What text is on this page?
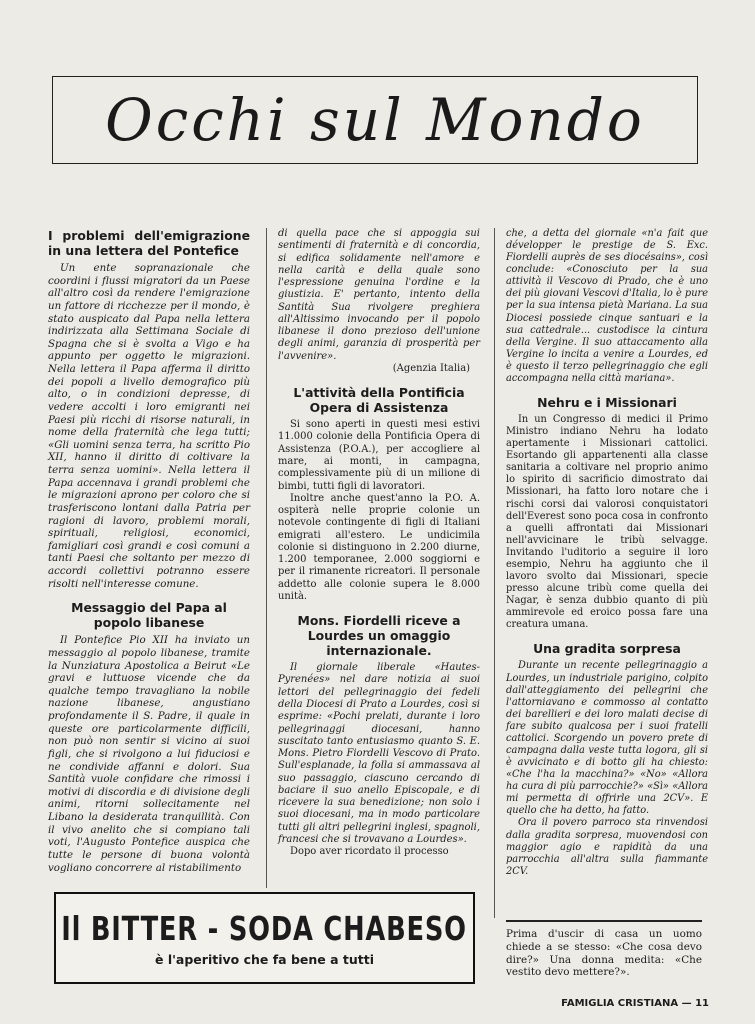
Occhi sul Mondo
I problemi dell'emigrazione in una lettera del Pontefice

Un ente sopranazionale che coordini i flussi migratori da un Paese all'altro così da rendere l'emigrazione un fattore di ricchezze per il mondo, è stato auspicato dal Papa nella lettera indirizzata alla Settimana Sociale di Spagna che si è svolta a Vigo e ha appunto per oggetto le migrazioni. Nella lettera il Papa afferma il diritto dei popoli a livello demografico più alto, o in condizioni depresse, di vedere accolti i loro emigranti nei Paesi più ricchi di risorse naturali, in nome della fraternità che lega tutti; «Gli uomini senza terra, ha scritto Pio XII, hanno il diritto di coltivare la terra senza uomini». Nella lettera il Papa accennava i grandi problemi che le migrazioni aprono per coloro che si trasferiscono lontani dalla Patria per ragioni di lavoro, problemi morali, spirituali, religiosi, economici, famigliari così grandi e così comuni a tanti Paesi che soltanto per mezzo di accordi collettivi potranno essere risolti nell'interesse comune.

Messaggio del Papa al popolo libanese

Il Pontefice Pio XII ha inviato un messaggio al popolo libanese, tramite la Nunziatura Apostolica a Beirut «Le gravi e luttuose vicende che da qualche tempo travagliano la nobile nazione libanese, angustiano profondamente il S. Padre, il quale in queste ore particolarmente difficili, non può non sentir si vicino ai suoi figli, che si rivolgono a lui fiduciosi e ne condivide affanni e dolori. Sua Santità vuole confidare che rimossi i motivi di discordia e di divisione degli animi, ritorni sollecitamente nel Libano la desiderata tranquillità. Con il vivo anelito che si compiano tali voti, l'Augusto Pontefice auspica che tutte le persone di buona volontà vogliano concorrere al ristabilimento

di quella pace che si appoggia sui sentimenti di fraternità e di concordia, si edifica solidamente nell'amore e nella carità e della quale sono l'espressione genuina l'ordine e la giustizia. E' pertanto, intento della Santità Sua rivolgere preghiera all'Altissimo invocando per il popolo libanese il dono prezioso dell'unione degli animi, garanzia di prosperità per l'avvenire».

(Agenzia Italia)

L'attività della Pontificia Opera di Assistenza

Si sono aperti in questi mesi estivi 11.000 colonie della Pontificia Opera di Assistenza (P.O.A.), per accogliere al mare, ai monti, in campagna, complessivamente più di un milione di bimbi, tutti figli di lavoratori.

Inoltre anche quest'anno la P.O. A. ospiterà nelle proprie colonie un notevole contingente di figli di Italiani emigrati all'estero. Le undicimila colonie si distinguono in 2.200 diurne, 1.200 temporanee, 2.000 soggiorni e per il rimanente ricreatori. Il personale addetto alle colonie supera le 8.000 unità.

Mons. Fiordelli riceve a Lourdes un omaggio internazionale.

Il giornale liberale «Hautes-Pyrenées» nel dare notizia ai suoi lettori del pellegrinaggio dei fedeli della Diocesi di Prato a Lourdes, così si esprime: «Pochi prelati, durante i loro pellegrinaggi diocesani, hanno suscitato tanto entusiasmo quanto S. E. Mons. Pietro Fiordelli Vescovo di Prato. Sull'esplanade, la folla si ammassava al suo passaggio, ciascuno cercando di baciare il suo anello Episcopale, e di ricevere la sua benedizione; non solo i suoi diocesani, ma in modo particolare tutti gli altri pellegrini inglesi, spagnoli, francesi che si trovavano a Lourdes».

Dopo aver ricordato il processo

che, a detta del giornale «n'a fait que développer le prestige de S. Exc. Fiordelli auprès de ses diocésains», così conclude: «Conosciuto per la sua attività il Vescovo di Prado, che è uno dei più giovani Vescovi d'Italia, lo è pure per la sua intensa pietà Mariana. La sua Diocesi possiede cinque santuari e la sua cattedrale... custodisce la cintura della Vergine. Il suo attaccamento alla Vergine lo incita a venire a Lourdes, ed è questo il terzo pellegrinaggio che egli accompagna nella città mariana».

Nehru e i Missionari

In un Congresso di medici il Primo Ministro indiano Nehru ha lodato apertamente i Missionari cattolici. Esortando gli appartenenti alla classe sanitaria a coltivare nel proprio animo lo spirito di sacrificio dimostrato dai Missionari, ha fatto loro notare che i rischi corsi dai valorosi conquistatori dell'Everest sono poca cosa in confronto a quelli affrontati dai Missionari nell'avvicinare le tribù selvagge. Invitando l'uditorio a seguire il loro esempio, Nehru ha aggiunto che il lavoro svolto dai Missionari, specie presso alcune tribù come quella dei Nagar, è senza dubbio quanto di più ammirevole ed eroico possa fare una creatura umana.

Una gradita sorpresa

Durante un recente pellegrinaggio a Lourdes, un industriale parigino, colpito dall'atteggiamento dei pellegrini che l'attorniavano e commosso al contatto dei barellieri e dei loro malati decise di fare subito qualcosa per i suoi fratelli cattolici. Scorgendo un povero prete di campagna dalla veste tutta logora, gli si è avvicinato e di botto gli ha chiesto: «Che l'ha la macchina?» «No» «Allora ha cura di più parrocchie?» «Sì» «Allora mi permetta di offrirle una 2CV». E quello che ha detto, ha fatto.

Ora il povero parroco sta rinvendosi dalla gradita sorpresa, muovendosi con maggior agio e rapidità da una parrocchia all'altra sulla fiammante 2CV.

Prima d'uscir di casa un uomo chiede a se stesso: «Che cosa devo dire?» Una donna medita: «Che vestito devo mettere?».
Il BITTER - SODA CHABESO
è l'aperitivo che fa bene a tutti
FAMIGLIA CRISTIANA — 11
